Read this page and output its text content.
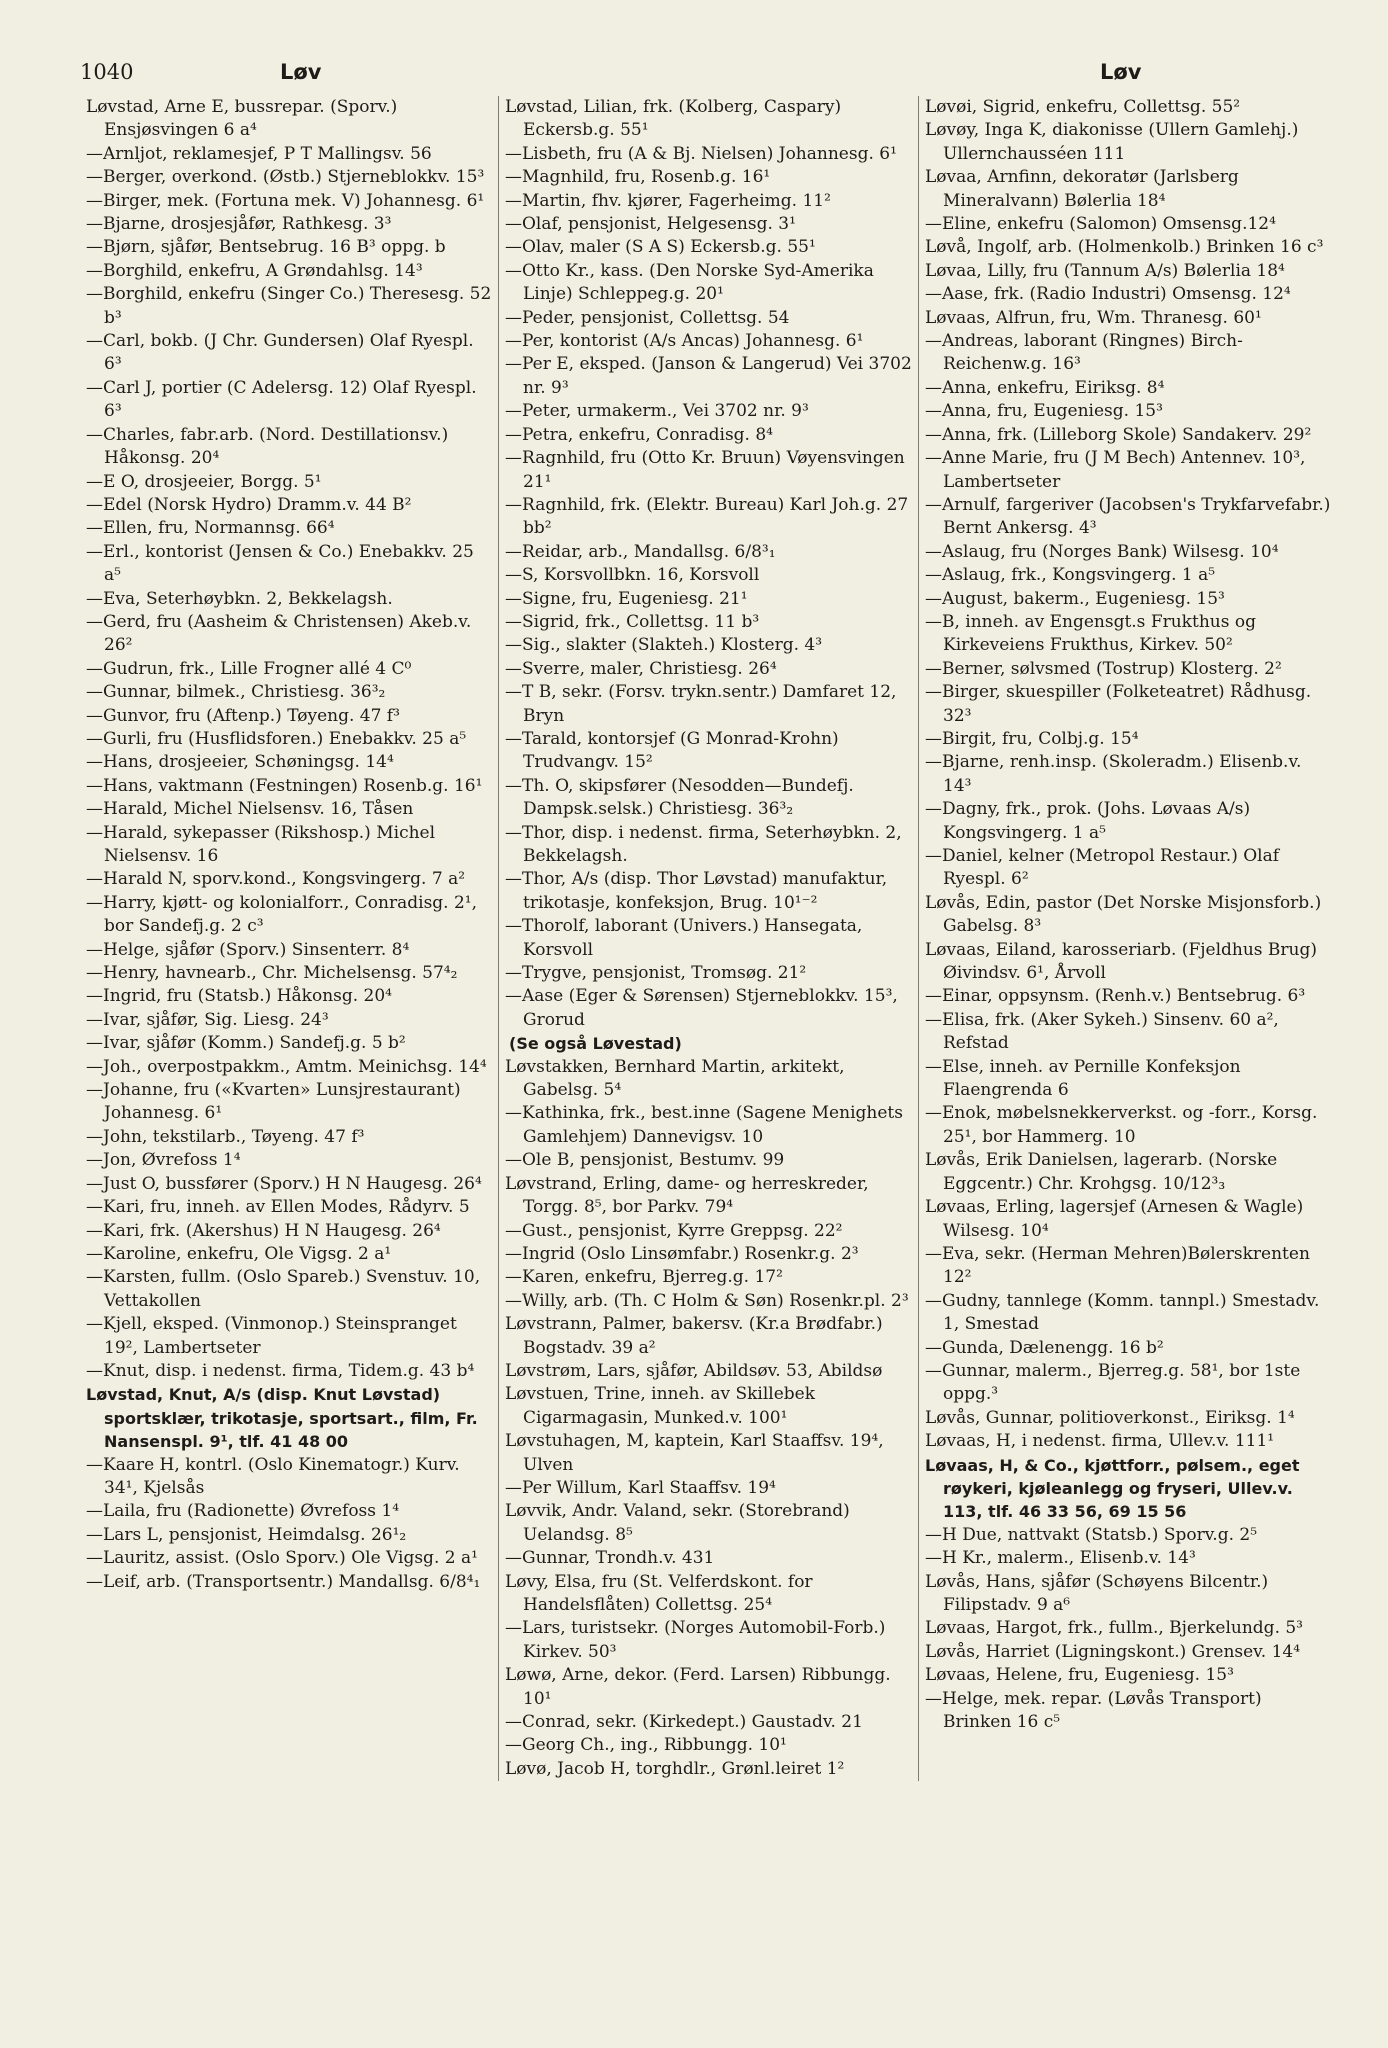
1040	Løv	Løv
Løvstad, Arne E, bussrepar. (Sporv.) Ensjøsvingen 6 a⁴
—Arnljot, reklamesjef, P T Mallingsv. 56
—Berger, overkond. (Østb.) Stjerneblokkv. 15³
—Birger, mek. (Fortuna mek. V) Johannesg. 6¹
—Bjarne, drosjesjåfør, Rathkesg. 3³
—Bjørn, sjåfør, Bentsebrug. 16 B³ oppg. b
—Borghild, enkefru, A Grøndahlsg. 14³
—Borghild, enkefru (Singer Co.) Theresesg. 52 b³
—Carl, bokb. (J Chr. Gundersen) Olaf Ryespl. 6³
—Carl J, portier (C Adelersg. 12) Olaf Ryespl. 6³
—Charles, fabr.arb. (Nord. Destillationsv.) Håkonsg. 20⁴
—E O, drosjeeier, Borgg. 5¹
—Edel (Norsk Hydro) Dramm.v. 44 B²
—Ellen, fru, Normannsg. 66⁴
—Erl., kontorist (Jensen & Co.) Enebakkv. 25 a⁵
—Eva, Seterhøybkn. 2, Bekkelagsh.
—Gerd, fru (Aasheim & Christensen) Akeb.v. 26²
—Gudrun, frk., Lille Frogner allé 4 C⁰
—Gunnar, bilmek., Christiesg. 36³₂
—Gunvor, fru (Aftenp.) Tøyeng. 47 f³
—Gurli, fru (Husflidsforen.) Enebakkv. 25 a⁵
—Hans, drosjeeier, Schøningsg. 14⁴
—Hans, vaktmann (Festningen) Rosenb.g. 16¹
—Harald, Michel Nielsensv. 16, Tåsen
—Harald, sykepasser (Rikshosp.) Michel Nielsensv. 16
—Harald N, sporv.kond., Kongsvingerg. 7 a²
—Harry, kjøtt- og kolonialforr., Conradisg. 2¹, bor Sandefj.g. 2 c³
—Helge, sjåfør (Sporv.) Sinsenterr. 8⁴
—Henry, havnearb., Chr. Michelsensg. 57⁴₂
—Ingrid, fru (Statsb.) Håkonsg. 20⁴
—Ivar, sjåfør, Sig. Liesg. 24³
—Ivar, sjåfør (Komm.) Sandefj.g. 5 b²
—Joh., overpostpakkm., Amtm. Meinichsg. 14⁴
—Johanne, fru («Kvarten» Lunsjrestaurant) Johannesg. 6¹
—John, tekstilarb., Tøyeng. 47 f³
—Jon, Øvrefoss 1⁴
—Just O, bussfører (Sporv.) H N Haugesg. 26⁴
—Kari, fru, inneh. av Ellen Modes, Rådyrv. 5
—Kari, frk. (Akershus) H N Haugesg. 26⁴
—Karoline, enkefru, Ole Vigsg. 2 a¹
—Karsten, fullm. (Oslo Spareb.) Svenstuv. 10, Vettakollen
—Kjell, eksped. (Vinmonop.) Steinspranget 19², Lambertseter
—Knut, disp. i nedenst. firma, Tidem.g. 43 b⁴
Løvstad, Knut, A/s (disp. Knut Løvstad) sportsklær, trikotasje, sportsart., film, Fr. Nansenspl. 9¹, tlf. 41 48 00
—Kaare H, kontrl. (Oslo Kinematogr.) Kurv. 34¹, Kjelsås
—Laila, fru (Radionette) Øvrefoss 1⁴
—Lars L, pensjonist, Heimdalsg. 26¹₂
—Lauritz, assist. (Oslo Sporv.) Ole Vigsg. 2 a¹
—Leif, arb. (Transportsentr.) Mandallsg. 6/8⁴₁
Løvstad, Lilian, frk. (Kolberg, Caspary) Eckersb.g. 55¹
—Lisbeth, fru (A & Bj. Nielsen) Johannesg. 6¹
—Magnhild, fru, Rosenb.g. 16¹
—Martin, fhv. kjører, Fagerheimg. 11²
—Olaf, pensjonist, Helgesensg. 3¹
—Olav, maler (S A S) Eckersb.g. 55¹
—Otto Kr., kass. (Den Norske Syd-Amerika Linje) Schleppeg.g. 20¹
—Peder, pensjonist, Collettsg. 54
—Per, kontorist (A/s Ancas) Johannesg. 6¹
—Per E, eksped. (Janson & Langerud) Vei 3702 nr. 9³
—Peter, urmakerm., Vei 3702 nr. 9³
—Petra, enkefru, Conradisg. 8⁴
—Ragnhild, fru (Otto Kr. Bruun) Vøyensvingen 21¹
—Ragnhild, frk. (Elektr. Bureau) Karl Joh.g. 27 bb²
—Reidar, arb., Mandallsg. 6/8³₁
—S, Korsvollbkn. 16, Korsvoll
—Signe, fru, Eugeniesg. 21¹
—Sigrid, frk., Collettsg. 11 b³
—Sig., slakter (Slakteh.) Klosterg. 4³
—Sverre, maler, Christiesg. 26⁴
—T B, sekr. (Forsv. trykn.sentr.) Damfaret 12, Bryn
—Tarald, kontorsjef (G Monrad-Krohn) Trudvangv. 15²
—Th. O, skipsfører (Nesodden—Bundefj. Dampsk.selsk.) Christiesg. 36³₂
—Thor, disp. i nedenst. firma, Seterhøybkn. 2, Bekkelagsh.
—Thor, A/s (disp. Thor Løvstad) manufaktur, trikotasje, konfeksjon, Brug. 10¹⁻²
—Thorolf, laborant (Univers.) Hansegata, Korsvoll
—Trygve, pensjonist, Tromsøg. 21²
—Aase (Eger & Sørensen) Stjerneblokkv. 15³, Grorud
(Se også Løvestad)
Løvstakken, Bernhard Martin, arkitekt, Gabelsg. 5⁴
—Kathinka, frk., best.inne (Sagene Menighets Gamlehjem) Dannevigsv. 10
—Ole B, pensjonist, Bestumv. 99
Løvstrand, Erling, dame- og herreskreder, Torgg. 8⁵, bor Parkv. 79⁴
—Gust., pensjonist, Kyrre Greppsg. 22²
—Ingrid (Oslo Linsømfabr.) Rosenkr.g. 2³
—Karen, enkefru, Bjerreg.g. 17²
—Willy, arb. (Th. C Holm & Søn) Rosenkr.pl. 2³
Løvstrann, Palmer, bakersv. (Kr.a Brødfabr.) Bogstadv. 39 a²
Løvstrøm, Lars, sjåfør, Abildsøv. 53, Abildsø
Løvstuen, Trine, inneh. av Skillebek Cigarmagasin, Munked.v. 100¹
Løvstuhagen, M, kaptein, Karl Staaffsv. 19⁴, Ulven
—Per Willum, Karl Staaffsv. 19⁴
Løvvik, Andr. Valand, sekr. (Storebrand) Uelandsg. 8⁵
—Gunnar, Trondh.v. 431
Løvy, Elsa, fru (St. Velferdskont. for Handelsflåten) Collettsg. 25⁴
—Lars, turistsekr. (Norges Automobil-Forb.) Kirkev. 50³
Løwø, Arne, dekor. (Ferd. Larsen) Ribbungg. 10¹
—Conrad, sekr. (Kirkedept.) Gaustadv. 21
—Georg Ch., ing., Ribbungg. 10¹
Løvø, Jacob H, torghdlr., Grønl.leiret 1²
Løvøi, Sigrid, enkefru, Collettsg. 55²
Løvøy, Inga K, diakonisse (Ullern Gamlehj.) Ullernchausséen 111
Løvaa, Arnfinn, dekoratør (Jarlsberg Mineralvann) Bølerlia 18⁴
—Eline, enkefru (Salomon) Omsensg.12⁴
Løvå, Ingolf, arb. (Holmenkolb.) Brinken 16 c³
Løvaa, Lilly, fru (Tannum A/s) Bølerlia 18⁴
—Aase, frk. (Radio Industri) Omsensg. 12⁴
Løvaas, Alfrun, fru, Wm. Thranesg. 60¹
—Andreas, laborant (Ringnes) Birch-Reichenw.g. 16³
—Anna, enkefru, Eiriksg. 8⁴
—Anna, fru, Eugeniesg. 15³
—Anna, frk. (Lilleborg Skole) Sandakerv. 29²
—Anne Marie, fru (J M Bech) Antennev. 10³, Lambertseter
—Arnulf, fargeriver (Jacobsen's Trykfarvefabr.) Bernt Ankersg. 4³
—Aslaug, fru (Norges Bank) Wilsesg. 10⁴
—Aslaug, frk., Kongsvingerg. 1 a⁵
—August, bakerm., Eugeniesg. 15³
—B, inneh. av Engensgt.s Frukthus og Kirkeveiens Frukthus, Kirkev. 50²
—Berner, sølvsmed (Tostrup) Klosterg. 2²
—Birger, skuespiller (Folketeatret) Rådhusg. 32³
—Birgit, fru, Colbj.g. 15⁴
—Bjarne, renh.insp. (Skoleradm.) Elisenb.v. 14³
—Dagny, frk., prok. (Johs. Løvaas A/s) Kongsvingerg. 1 a⁵
—Daniel, kelner (Metropol Restaur.) Olaf Ryespl. 6²
Løvås, Edin, pastor (Det Norske Misjonsforb.) Gabelsg. 8³
Løvaas, Eiland, karosseriarb. (Fjeldhus Brug) Øivindsv. 6¹, Årvoll
—Einar, oppsynsm. (Renh.v.) Bentsebrug. 6³
—Elisa, frk. (Aker Sykeh.) Sinsenv. 60 a², Refstad
—Else, inneh. av Pernille Konfeksjon Flaengrenda 6
—Enok, møbelsnekkerverkst. og -forr., Korsg. 25¹, bor Hammerg. 10
Løvås, Erik Danielsen, lagerarb. (Norske Eggcentr.) Chr. Krohgsg. 10/12³₃
Løvaas, Erling, lagersjef (Arnesen & Wagle) Wilsesg. 10⁴
—Eva, sekr. (Herman Mehren)Bølerskrenten 12²
—Gudny, tannlege (Komm. tannpl.) Smestadv. 1, Smestad
—Gunda, Dælenengg. 16 b²
—Gunnar, malerm., Bjerreg.g. 58¹, bor 1ste oppg.³
Løvås, Gunnar, politioverkonst., Eiriksg. 1⁴
Løvaas, H, i nedenst. firma, Ullev.v. 111¹
Løvaas, H, & Co., kjøttforr., pølsem., eget røykeri, kjøleanlegg og fryseri, Ullev.v. 113, tlf. 46 33 56, 69 15 56
—H Due, nattvakt (Statsb.) Sporv.g. 2⁵
—H Kr., malerm., Elisenb.v. 14³
Løvås, Hans, sjåfør (Schøyens Bilcentr.) Filipstadv. 9 a⁶
Løvaas, Hargot, frk., fullm., Bjerkelundg. 5³
Løvås, Harriet (Ligningskont.) Grensev. 14⁴
Løvaas, Helene, fru, Eugeniesg. 15³
—Helge, mek. repar. (Løvås Transport) Brinken 16 c⁵
